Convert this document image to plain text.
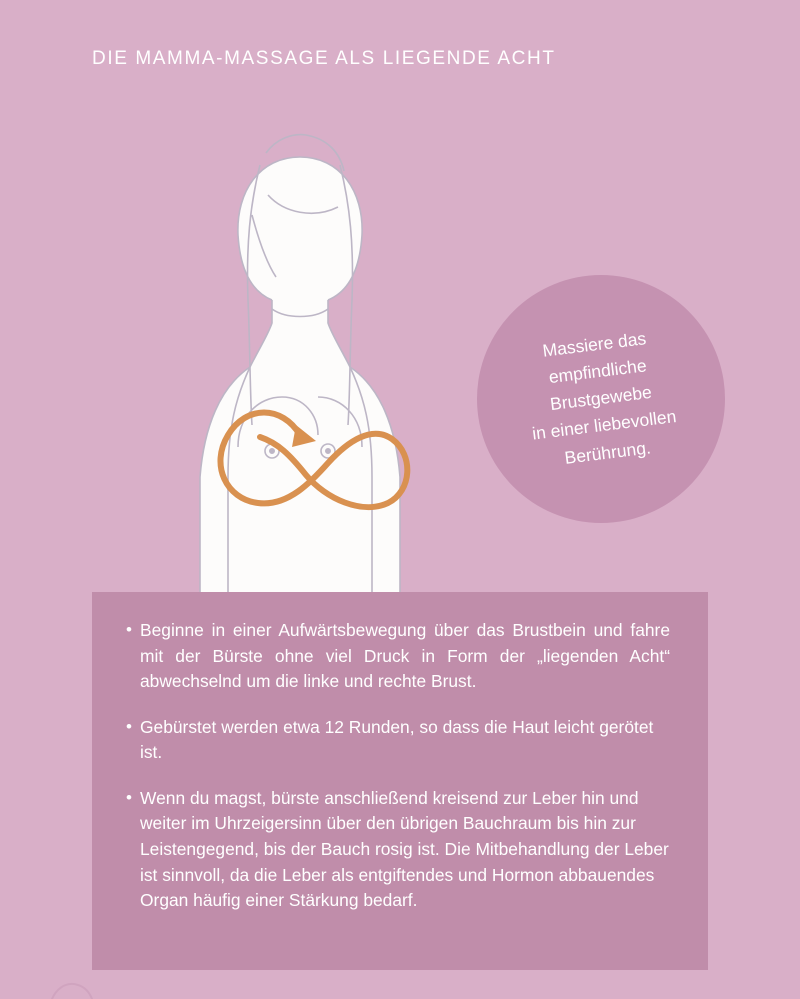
DIE MAMMA-MASSAGE ALS LIEGENDE ACHT
Massiere das
empfindliche
Brustgewebe
in einer liebevollen
Berührung.
• Beginne in einer Aufwärtsbewegung über das Brustbein und fahre mit der Bürste ohne viel Druck in Form der „liegenden Acht“ abwechselnd um die linke und rechte Brust.
• Gebürstet werden etwa 12 Runden, so dass die Haut leicht gerötet ist.
• Wenn du magst, bürste anschließend kreisend zur Leber hin und weiter im Uhrzeigersinn über den übrigen Bauchraum bis hin zur Leistengegend, bis der Bauch rosig ist. Die Mitbehandlung der Leber ist sinnvoll, da die Leber als entgiftendes und Hormon abbauendes Organ häufig einer Stärkung bedarf.
